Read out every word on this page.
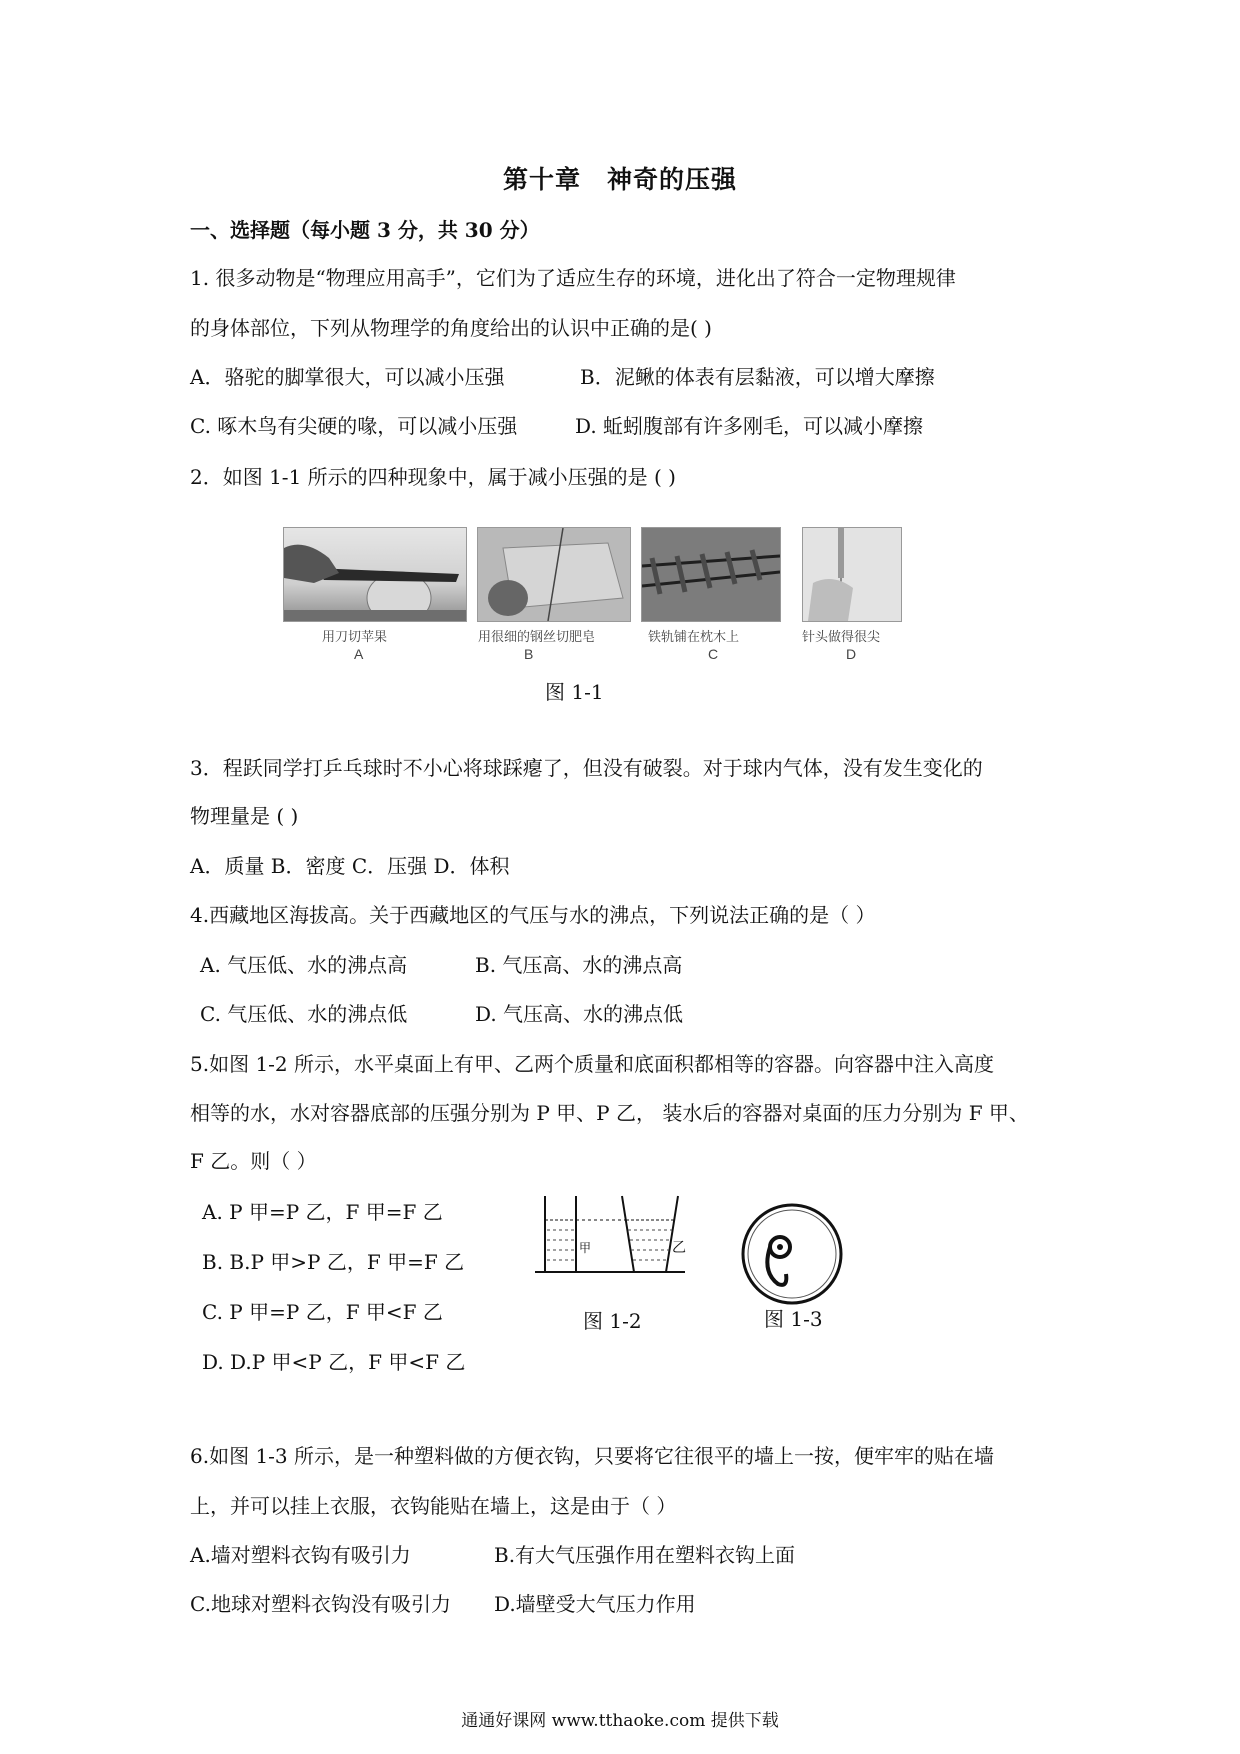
第十章　神奇的压强
一、选择题（每小题 3 分，共 30 分）
1. 很多动物是“物理应用高手”，它们为了适应生存的环境，进化出了符合一定物理规律
的身体部位，下列从物理学的角度给出的认识中正确的是( )
A．骆驼的脚掌很大，可以减小压强	B．泥鳅的体表有层黏液，可以增大摩擦
C. 啄木鸟有尖硬的喙，可以减小压强	D. 蚯蚓腹部有许多刚毛，可以减小摩擦
2．如图 1-1 所示的四种现象中，属于减小压强的是 ( )
用刀切苹果	用很细的钢丝切肥皂	铁轨铺在枕木上	针头做得很尖
A	B	C	D
图 1-1
3．程跃同学打乒乓球时不小心将球踩瘪了，但没有破裂。对于球内气体，没有发生变化的
物理量是 ( )
A．质量 B．密度 C．压强 D．体积
4.西藏地区海拔高。关于西藏地区的气压与水的沸点，下列说法正确的是（ ）
A. 气压低、水的沸点高	B. 气压高、水的沸点高
C. 气压低、水的沸点低	D. 气压高、水的沸点低
5.如图 1-2 所示，水平桌面上有甲、乙两个质量和底面积都相等的容器。向容器中注入高度
相等的水，水对容器底部的压强分别为 P 甲、P 乙， 装水后的容器对桌面的压力分别为 F 甲、
F 乙。则（ ）
A. P 甲=P 乙，F 甲=F 乙
B. B.P 甲>P 乙，F 甲=F 乙
C. P 甲=P 乙，F 甲<F 乙
D. D.P 甲<P 乙，F 甲<F 乙
甲	乙
图 1-2	图 1-3
6.如图 1-3 所示，是一种塑料做的方便衣钩，只要将它往很平的墙上一按，便牢牢的贴在墙
上，并可以挂上衣服，衣钩能贴在墙上，这是由于（ ）
A.墙对塑料衣钩有吸引力	B.有大气压强作用在塑料衣钩上面
C.地球对塑料衣钩没有吸引力 D.墙壁受大气压力作用
通通好课网 www.tthaoke.com 提供下载
